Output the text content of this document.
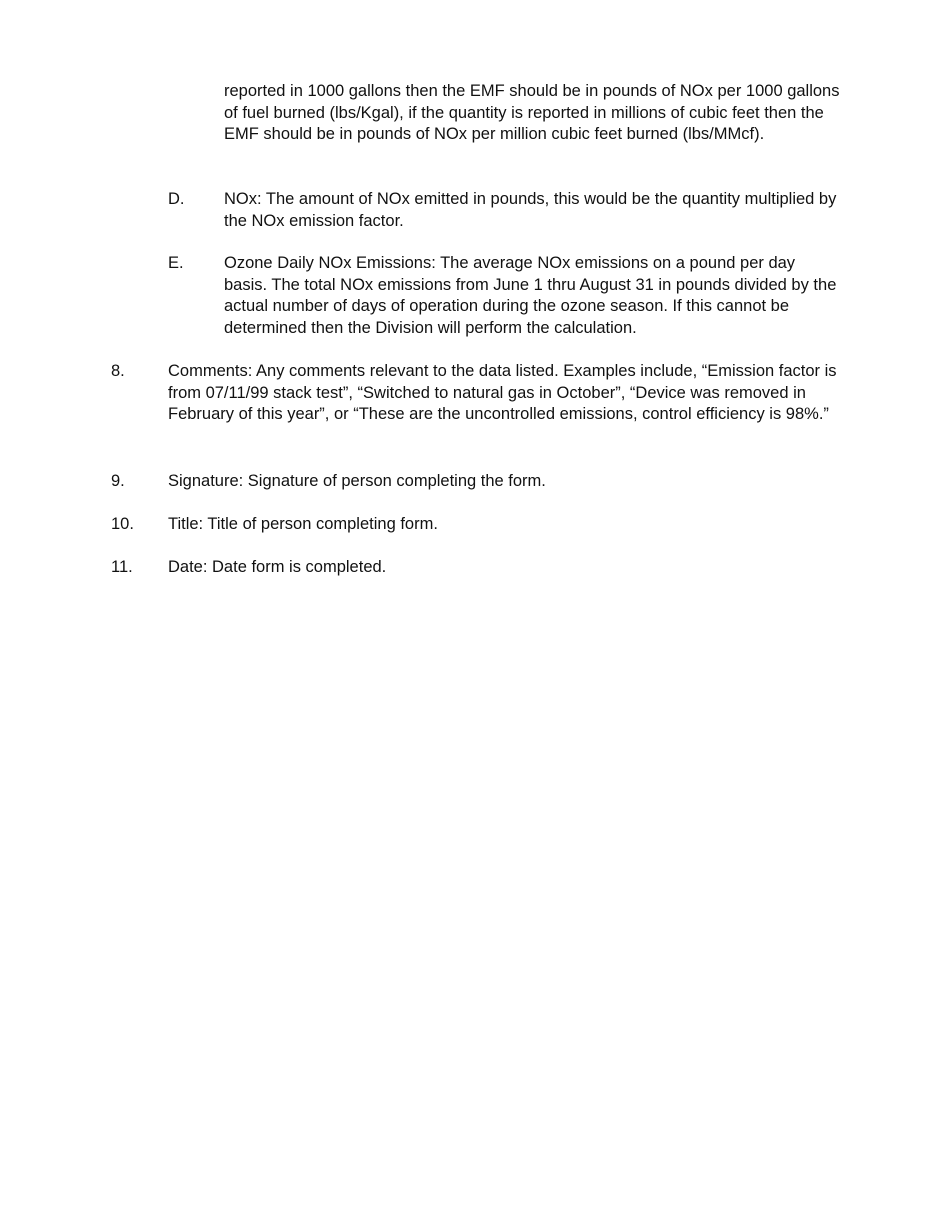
reported in 1000 gallons then the EMF should be in pounds of NOx per 1000 gallons of fuel burned (lbs/Kgal), if the quantity is reported in millions of cubic feet then the EMF should be in pounds of NOx per million cubic feet burned (lbs/MMcf).

D. NOx: The amount of NOx emitted in pounds, this would be the quantity multiplied by the NOx emission factor.

E. Ozone Daily NOx Emissions: The average NOx emissions on a pound per day basis. The total NOx emissions from June 1 thru August 31 in pounds divided by the actual number of days of operation during the ozone season. If this cannot be determined then the Division will perform the calculation.

8.	Comments: Any comments relevant to the data listed. Examples include, “Emission factor is from 07/11/99 stack test”, “Switched to natural gas in October”, “Device was removed in February of this year”, or “These are the uncontrolled emissions, control efficiency is 98%.”

9.	Signature: Signature of person completing the form.

10. Title: Title of person completing form.

11. Date: Date form is completed.
